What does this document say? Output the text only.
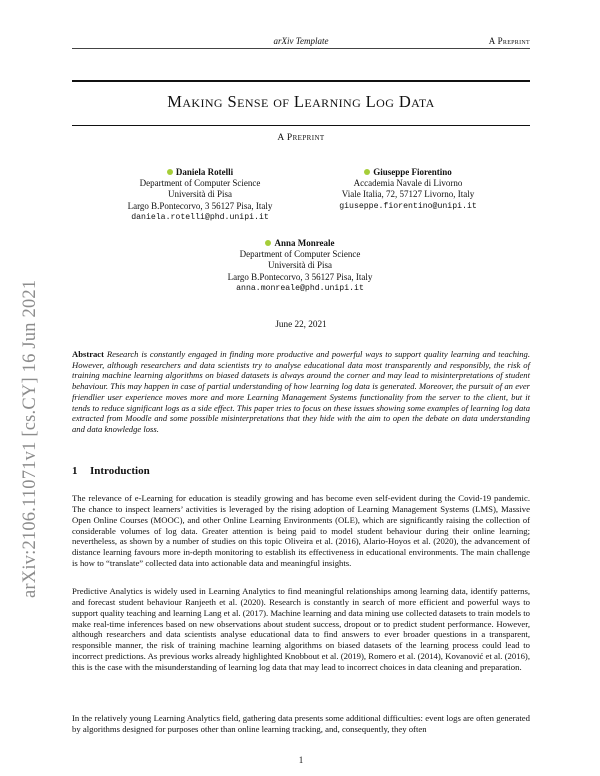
arXiv Template	A Preprint
Making Sense of Learning Log Data
A Preprint
Daniela Rotelli
Department of Computer Science
Università di Pisa
Largo B.Pontecorvo, 3 56127 Pisa, Italy
daniela.rotelli@phd.unipi.it
Giuseppe Fiorentino
Accademia Navale di Livorno
Viale Italia, 72, 57127 Livorno, Italy
giuseppe.fiorentino@unipi.it
Anna Monreale
Department of Computer Science
Università di Pisa
Largo B.Pontecorvo, 3 56127 Pisa, Italy
anna.monreale@phd.unipi.it
June 22, 2021
Abstract Research is constantly engaged in finding more productive and powerful ways to support quality learning and teaching. However, although researchers and data scientists try to analyse educational data most transparently and responsibly, the risk of training machine learning algorithms on biased datasets is always around the corner and may lead to misinterpretations of student behaviour. This may happen in case of partial understanding of how learning log data is generated. Moreover, the pursuit of an ever friendlier user experience moves more and more Learning Management Systems functionality from the server to the client, but it tends to reduce significant logs as a side effect. This paper tries to focus on these issues showing some examples of learning log data extracted from Moodle and some possible misinterpretations that they hide with the aim to open the debate on data understanding and data knowledge loss.
1 Introduction
The relevance of e-Learning for education is steadily growing and has become even self-evident during the Covid-19 pandemic. The chance to inspect learners’ activities is leveraged by the rising adoption of Learning Management Systems (LMS), Massive Open Online Courses (MOOC), and other Online Learning Environments (OLE), which are significantly raising the collection of considerable volumes of log data. Greater attention is being paid to model student behaviour during their online learning; nevertheless, as shown by a number of studies on this topic Oliveira et al. (2016), Alario-Hoyos et al. (2020), the advancement of distance learning favours more in-depth monitoring to establish its effectiveness in educational environments. The main challenge is how to “translate” collected data into actionable data and meaningful insights.
Predictive Analytics is widely used in Learning Analytics to find meaningful relationships among learning data, identify patterns, and forecast student behaviour Ranjeeth et al. (2020). Research is constantly in search of more efficient and powerful ways to support quality teaching and learning Lang et al. (2017). Machine learning and data mining use collected datasets to train models to make real-time inferences based on new observations about student success, dropout or to predict student performance. However, although researchers and data scientists analyse educational data to find answers to ever broader questions in a transparent, responsible manner, the risk of training machine learning algorithms on biased datasets of the learning process could lead to incorrect predictions. As previous works already highlighted Knobbout et al. (2019), Romero et al. (2014), Kovanović et al. (2016), this is the case with the misunderstanding of learning log data that may lead to incorrect choices in data cleaning and preparation.
In the relatively young Learning Analytics field, gathering data presents some additional difficulties: event logs are often generated by algorithms designed for purposes other than online learning tracking, and, consequently, they often
1
arXiv:2106.11071v1 [cs.CY] 16 Jun 2021
